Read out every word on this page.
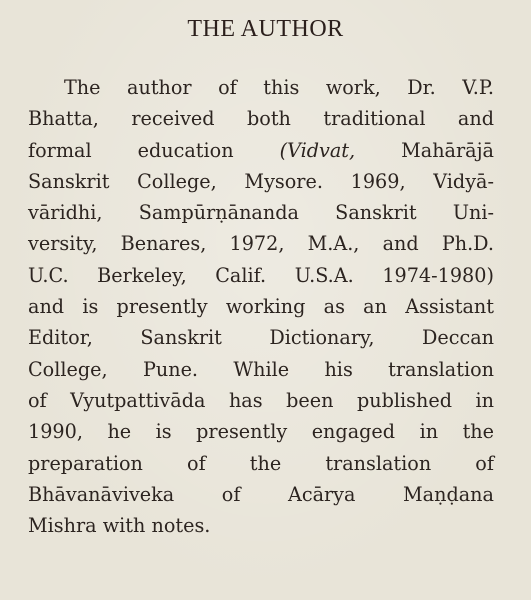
THE AUTHOR
The author of this work, Dr. V.P.
Bhatta, received both traditional and
formal education (Vidvat, Mahārājā
Sanskrit College, Mysore. 1969, Vidyā-
vāridhi, Sampūrṇānanda Sanskrit Uni-
versity, Benares, 1972, M.A., and Ph.D.
U.C. Berkeley, Calif. U.S.A. 1974-1980)
and is presently working as an Assistant
Editor, Sanskrit Dictionary, Deccan
College, Pune. While his translation
of Vyutpattivāda has been published in
1990, he is presently engaged in the
preparation of the translation of
Bhāvanāviveka of Acārya Maṇḍana
Mishra
with
notes.
